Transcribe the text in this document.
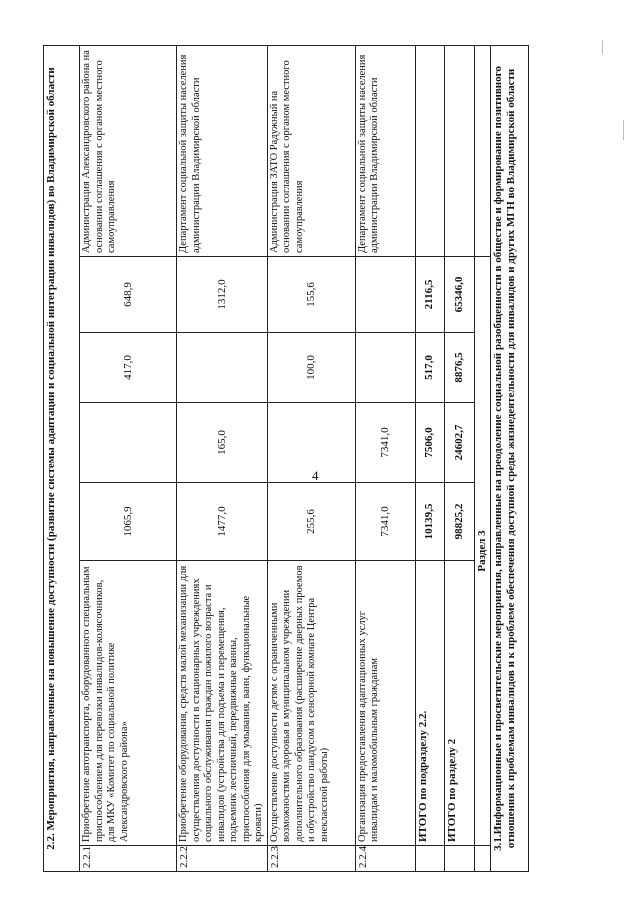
4
2.2. Мероприятия, направленные на повышение доступности (развитие системы адаптации и социальной интеграции инвалидов) во Владимирской области						
2.2.1	Приобретение автотранспорта, оборудованного специальным приспособлением для перевозки инвалидов-колясочников, для МКУ «Комитет по социальной политике Александровского района»	1065,9		417,0	648,9	Администрация Александровского района на основании соглашения с органом местного самоуправления
2.2.2	Приобретение оборудования, средств малой механизации для осуществления доступности в стационарных учреждениях социального обслуживания граждан пожилого возраста и инвалидов (устройства для подъема и перемещения, подъемник лестничный, передвижные ванны, приспособления для умывания, ванн, функциональные кровати)	1477,0	165,0		1312,0	Департамент социальной защиты населения администрации Владимирской области
2.2.3	Осуществление доступности детям с ограниченными возможностями здоровья в муниципальном учреждении дополнительного образования (расширение дверных проемов и обустройство пандусом в сенсорной комнате Центра внеклассной работы)	255,6		100,0	155,6	Администрация ЗАТО Радужный на основании соглашения с органом местного самоуправления
2.2.4	Организация предоставления адаптационных услуг инвалидам и маломобильным гражданам	7341,0	7341,0			Департамент социальной защиты населения администрации Владимирской области
	ИТОГО по подразделу 2.2.	10139,5	7506,0	517,0	2116,5	
	ИТОГО по разделу 2	98825,2	24602,7	8876,5	65346,0	
	Раздел 3					
3.1.Информационные и просветительские мероприятия, направленные на преодоление социальной разобщенности в обществе и формирование позитивного отношения к проблемам инвалидов и к проблеме обеспечения доступной среды жизнедеятельности для инвалидов и других МГН во Владимирской области						
